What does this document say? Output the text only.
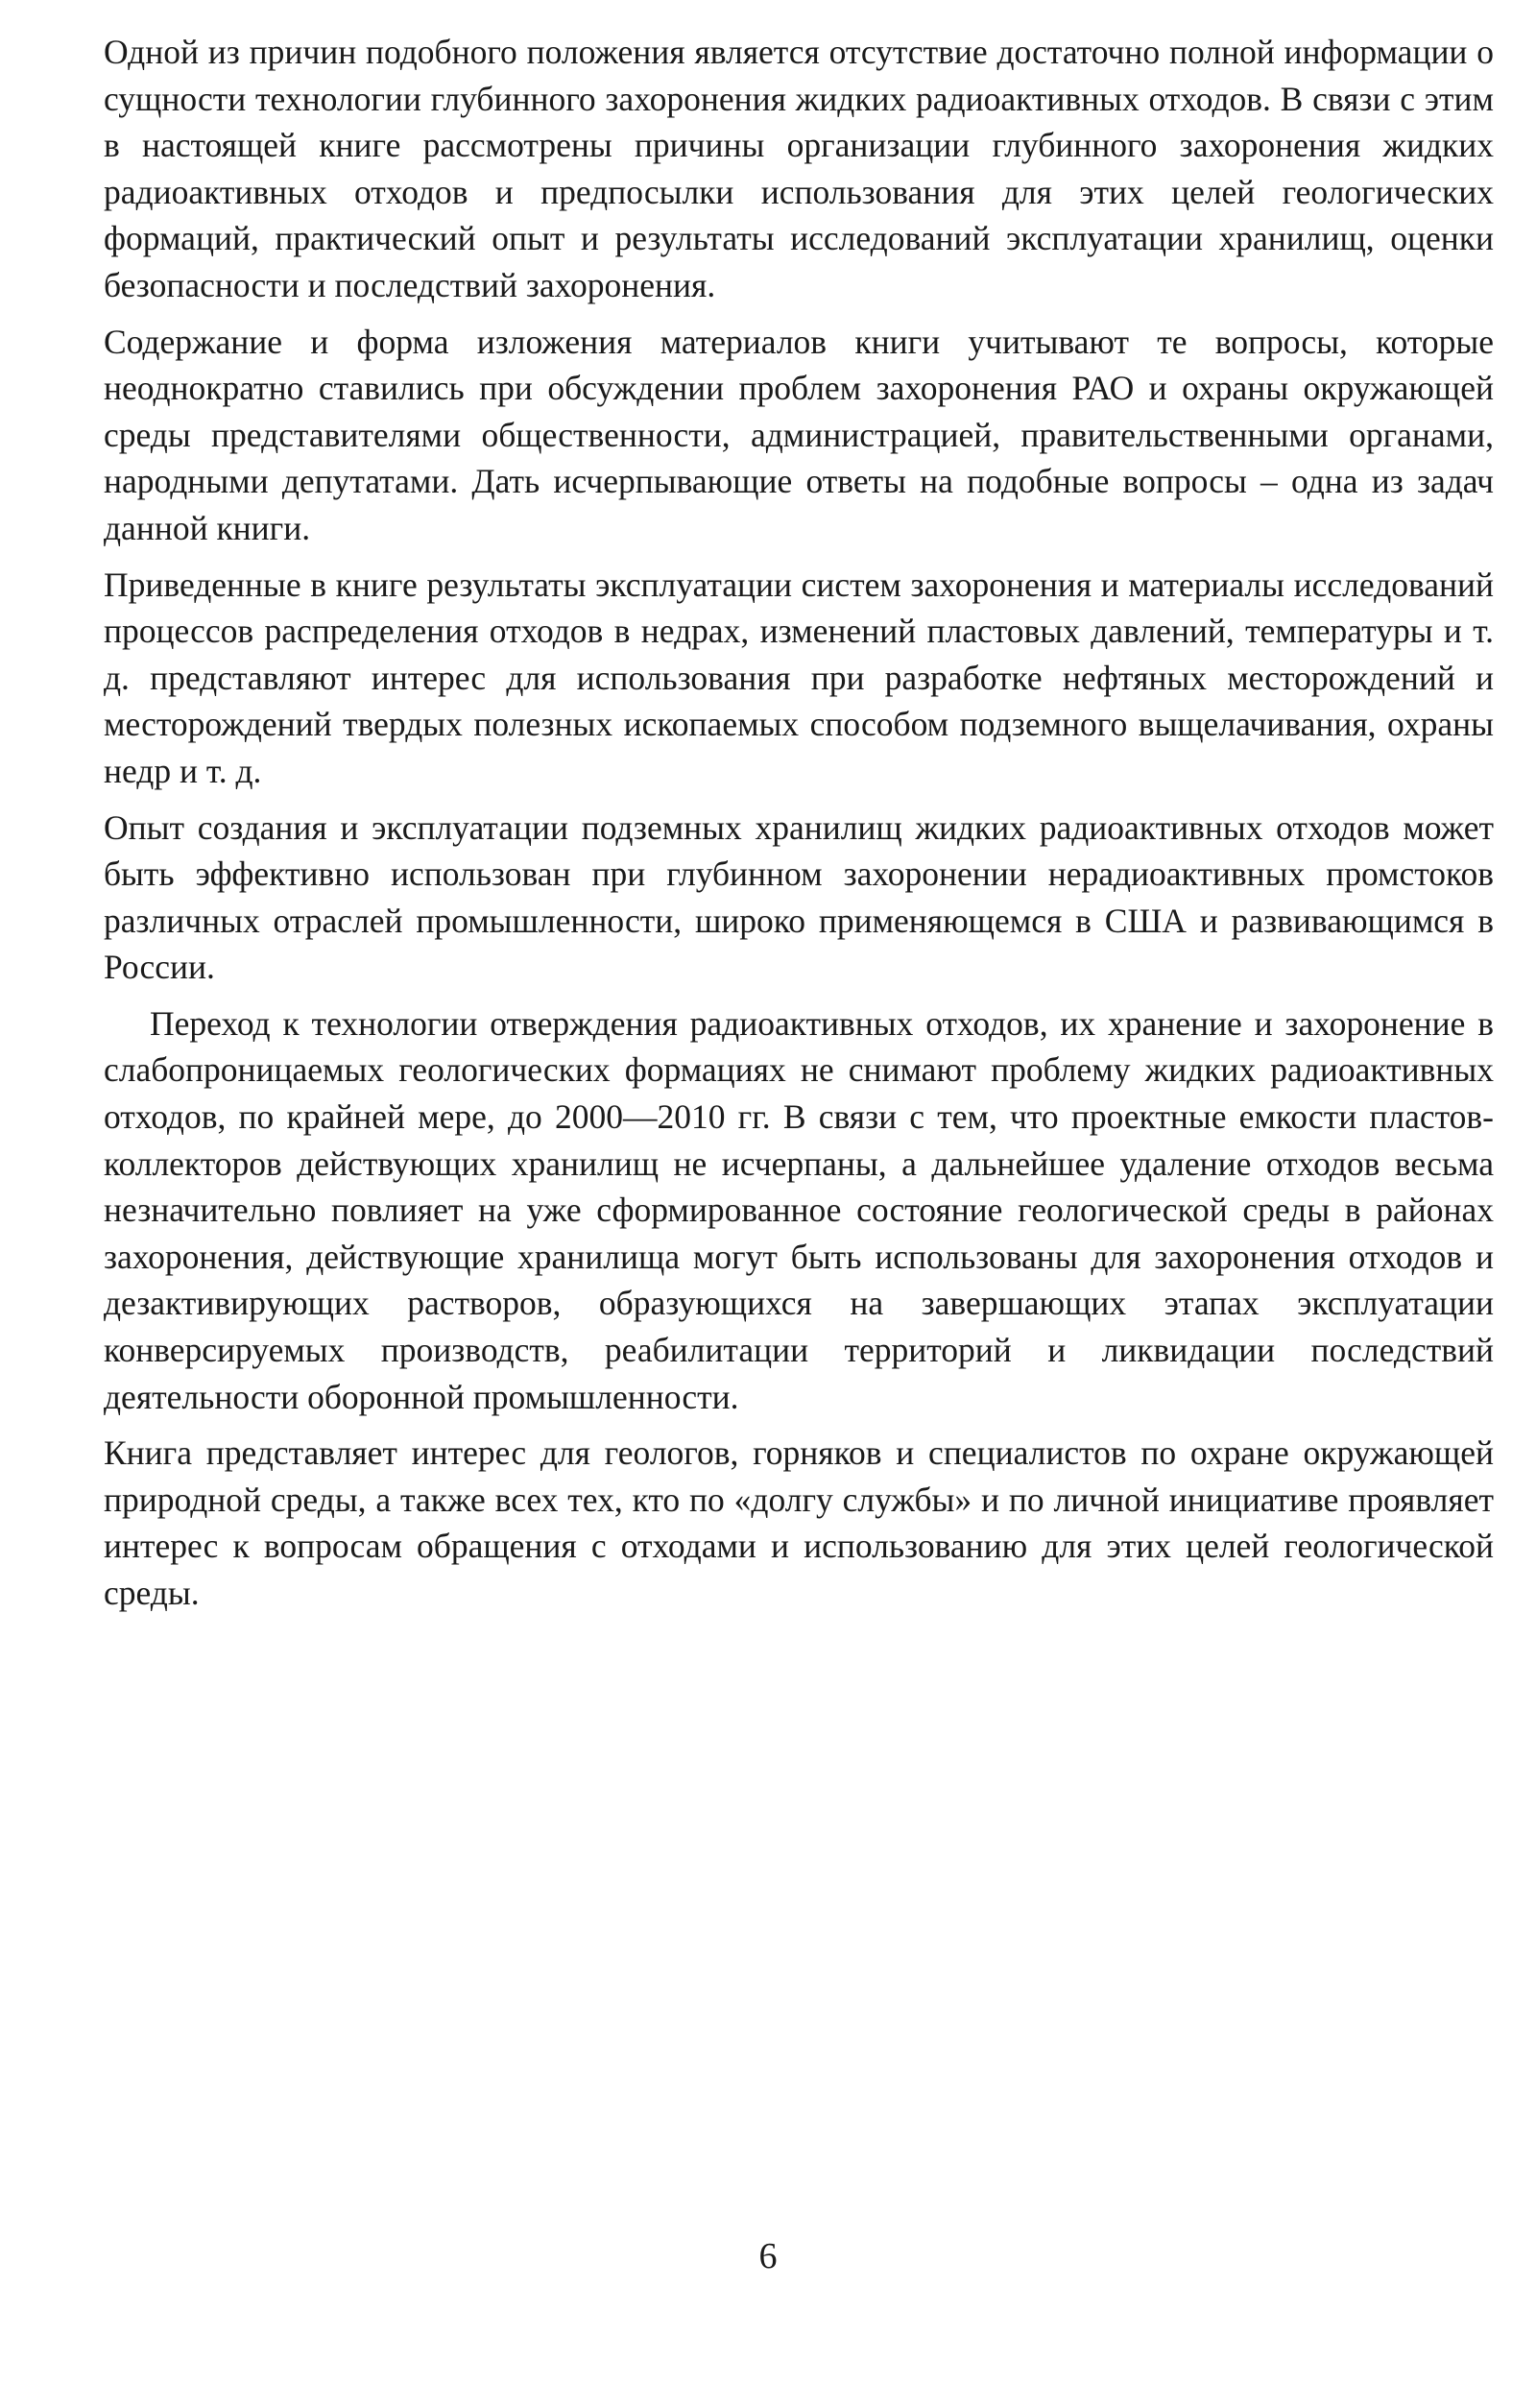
Одной из причин подобного положения является отсутствие достаточно полной информации о сущности технологии глубинного захоронения жидких радиоактивных отходов. В связи с этим в настоящей книге рассмотрены причины организации глубинного захоронения жидких радиоактивных отходов и предпосылки использования для этих целей геологических формаций, практический опыт и результаты исследований эксплуатации хранилищ, оценки безопасности и последствий захоронения.

Содержание и форма изложения материалов книги учитывают те вопросы, которые неоднократно ставились при обсуждении проблем захоронения РАО и охраны окружающей среды представителями общественности, администрацией, правительственными органами, народными депутатами. Дать исчерпывающие ответы на подобные вопросы – одна из задач данной книги.

Приведенные в книге результаты эксплуатации систем захоронения и материалы исследований процессов распределения отходов в недрах, изменений пластовых давлений, температуры и т. д. представляют интерес для использования при разработке нефтяных месторождений и месторождений твердых полезных ископаемых способом подземного выщелачивания, охраны недр и т. д.

Опыт создания и эксплуатации подземных хранилищ жидких радиоактивных отходов может быть эффективно использован при глубинном захоронении нерадиоактивных промстоков различных отраслей промышленности, широко применяющемся в США и развивающимся в России.

Переход к технологии отверждения радиоактивных отходов, их хранение и захоронение в слабопроницаемых геологических формациях не снимают проблему жидких радиоактивных отходов, по крайней мере, до 2000—2010 гг. В связи с тем, что проектные емкости пластов-коллекторов действующих хранилищ не исчерпаны, а дальнейшее удаление отходов весьма незначительно повлияет на уже сформированное состояние геологической среды в районах захоронения, действующие хранилища могут быть использованы для захоронения отходов и дезактивирующих растворов, образующихся на завершающих этапах эксплуатации конверсируемых производств, реабилитации территорий и ликвидации последствий деятельности оборонной промышленности.

Книга представляет интерес для геологов, горняков и специалистов по охране окружающей природной среды, а также всех тех, кто по «долгу службы» и по личной инициативе проявляет интерес к вопросам обращения с отходами и использованию для этих целей геологической среды.

6
